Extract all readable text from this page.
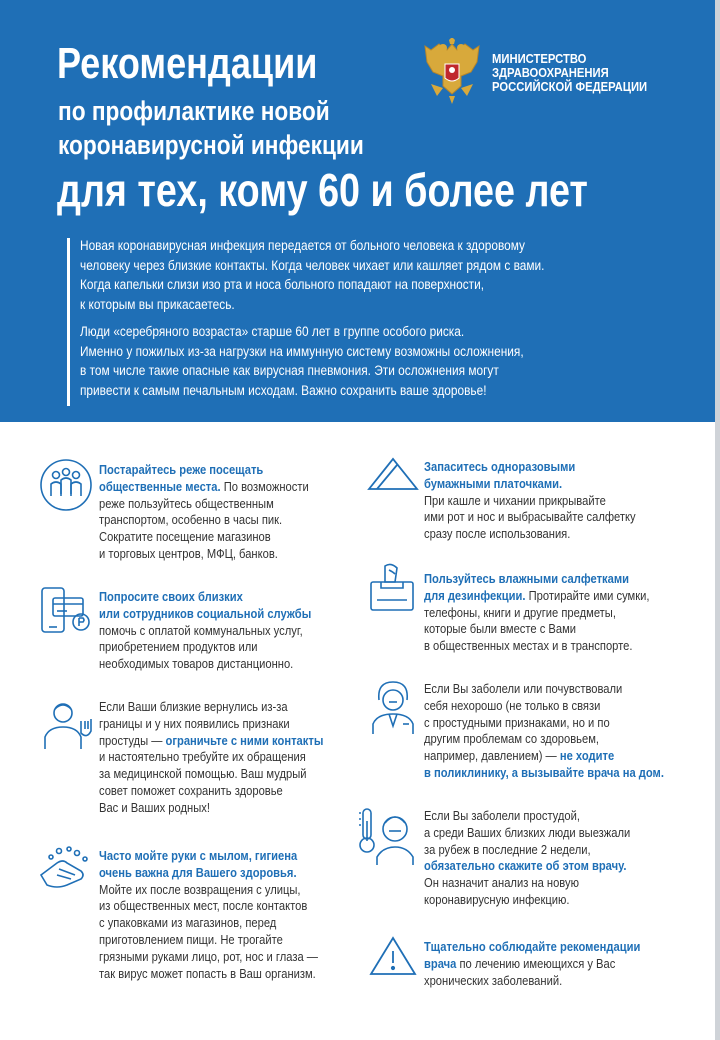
Рекомендации
по профилактике новой
коронавирусной инфекции
для тех, кому 60 и более лет
МИНИСТЕРСТВО
ЗДРАВООХРАНЕНИЯ
РОССИЙСКОЙ ФЕДЕРАЦИИ
Новая коронавирусная инфекция передается от больного человека к здоровому
человеку через близкие контакты. Когда человек чихает или кашляет рядом с вами.
Когда капельки слизи изо рта и носа больного попадают на поверхности,
к которым вы прикасаетесь.
Люди «серебряного возраста» старше 60 лет в группе особого риска.
Именно у пожилых из-за нагрузки на иммунную систему возможны осложнения,
в том числе такие опасные как вирусная пневмония. Эти осложнения могут
привести к самым печальным исходам. Важно сохранить ваше здоровье!
Постарайтесь реже посещать
общественные места. По возможности
реже пользуйтесь общественным
транспортом, особенно в часы пик.
Сократите посещение магазинов
и торговых центров, МФЦ, банков.
Попросите своих близких
или сотрудников социальной службы
помочь с оплатой коммунальных услуг,
приобретением продуктов или
необходимых товаров дистанционно.
Если Ваши близкие вернулись из-за
границы и у них появились признаки
простуды — ограничьте с ними контакты
и настоятельно требуйте их обращения
за медицинской помощью. Ваш мудрый
совет поможет сохранить здоровье
Вас и Ваших родных!
Часто мойте руки с мылом, гигиена
очень важна для Вашего здоровья.
Мойте их после возвращения с улицы,
из общественных мест, после контактов
с упаковками из магазинов, перед
приготовлением пищи. Не трогайте
грязными руками лицо, рот, нос и глаза —
так вирус может попасть в Ваш организм.
Запаситесь одноразовыми
бумажными платочками.
При кашле и чихании прикрывайте
ими рот и нос и выбрасывайте салфетку
сразу после использования.
Пользуйтесь влажными салфетками
для дезинфекции. Протирайте ими сумки,
телефоны, книги и другие предметы,
которые были вместе с Вами
в общественных местах и в транспорте.
Если Вы заболели или почувствовали
себя нехорошо (не только в связи
с простудными признаками, но и по
другим проблемам со здоровьем,
например, давлением) — не ходите
в поликлинику, а вызывайте врача на дом.
Если Вы заболели простудой,
а среди Ваших близких люди выезжали
за рубеж в последние 2 недели,
обязательно скажите об этом врачу.
Он назначит анализ на новую
коронавирусную инфекцию.
Тщательно соблюдайте рекомендации
врача по лечению имеющихся у Вас
хронических заболеваний.
